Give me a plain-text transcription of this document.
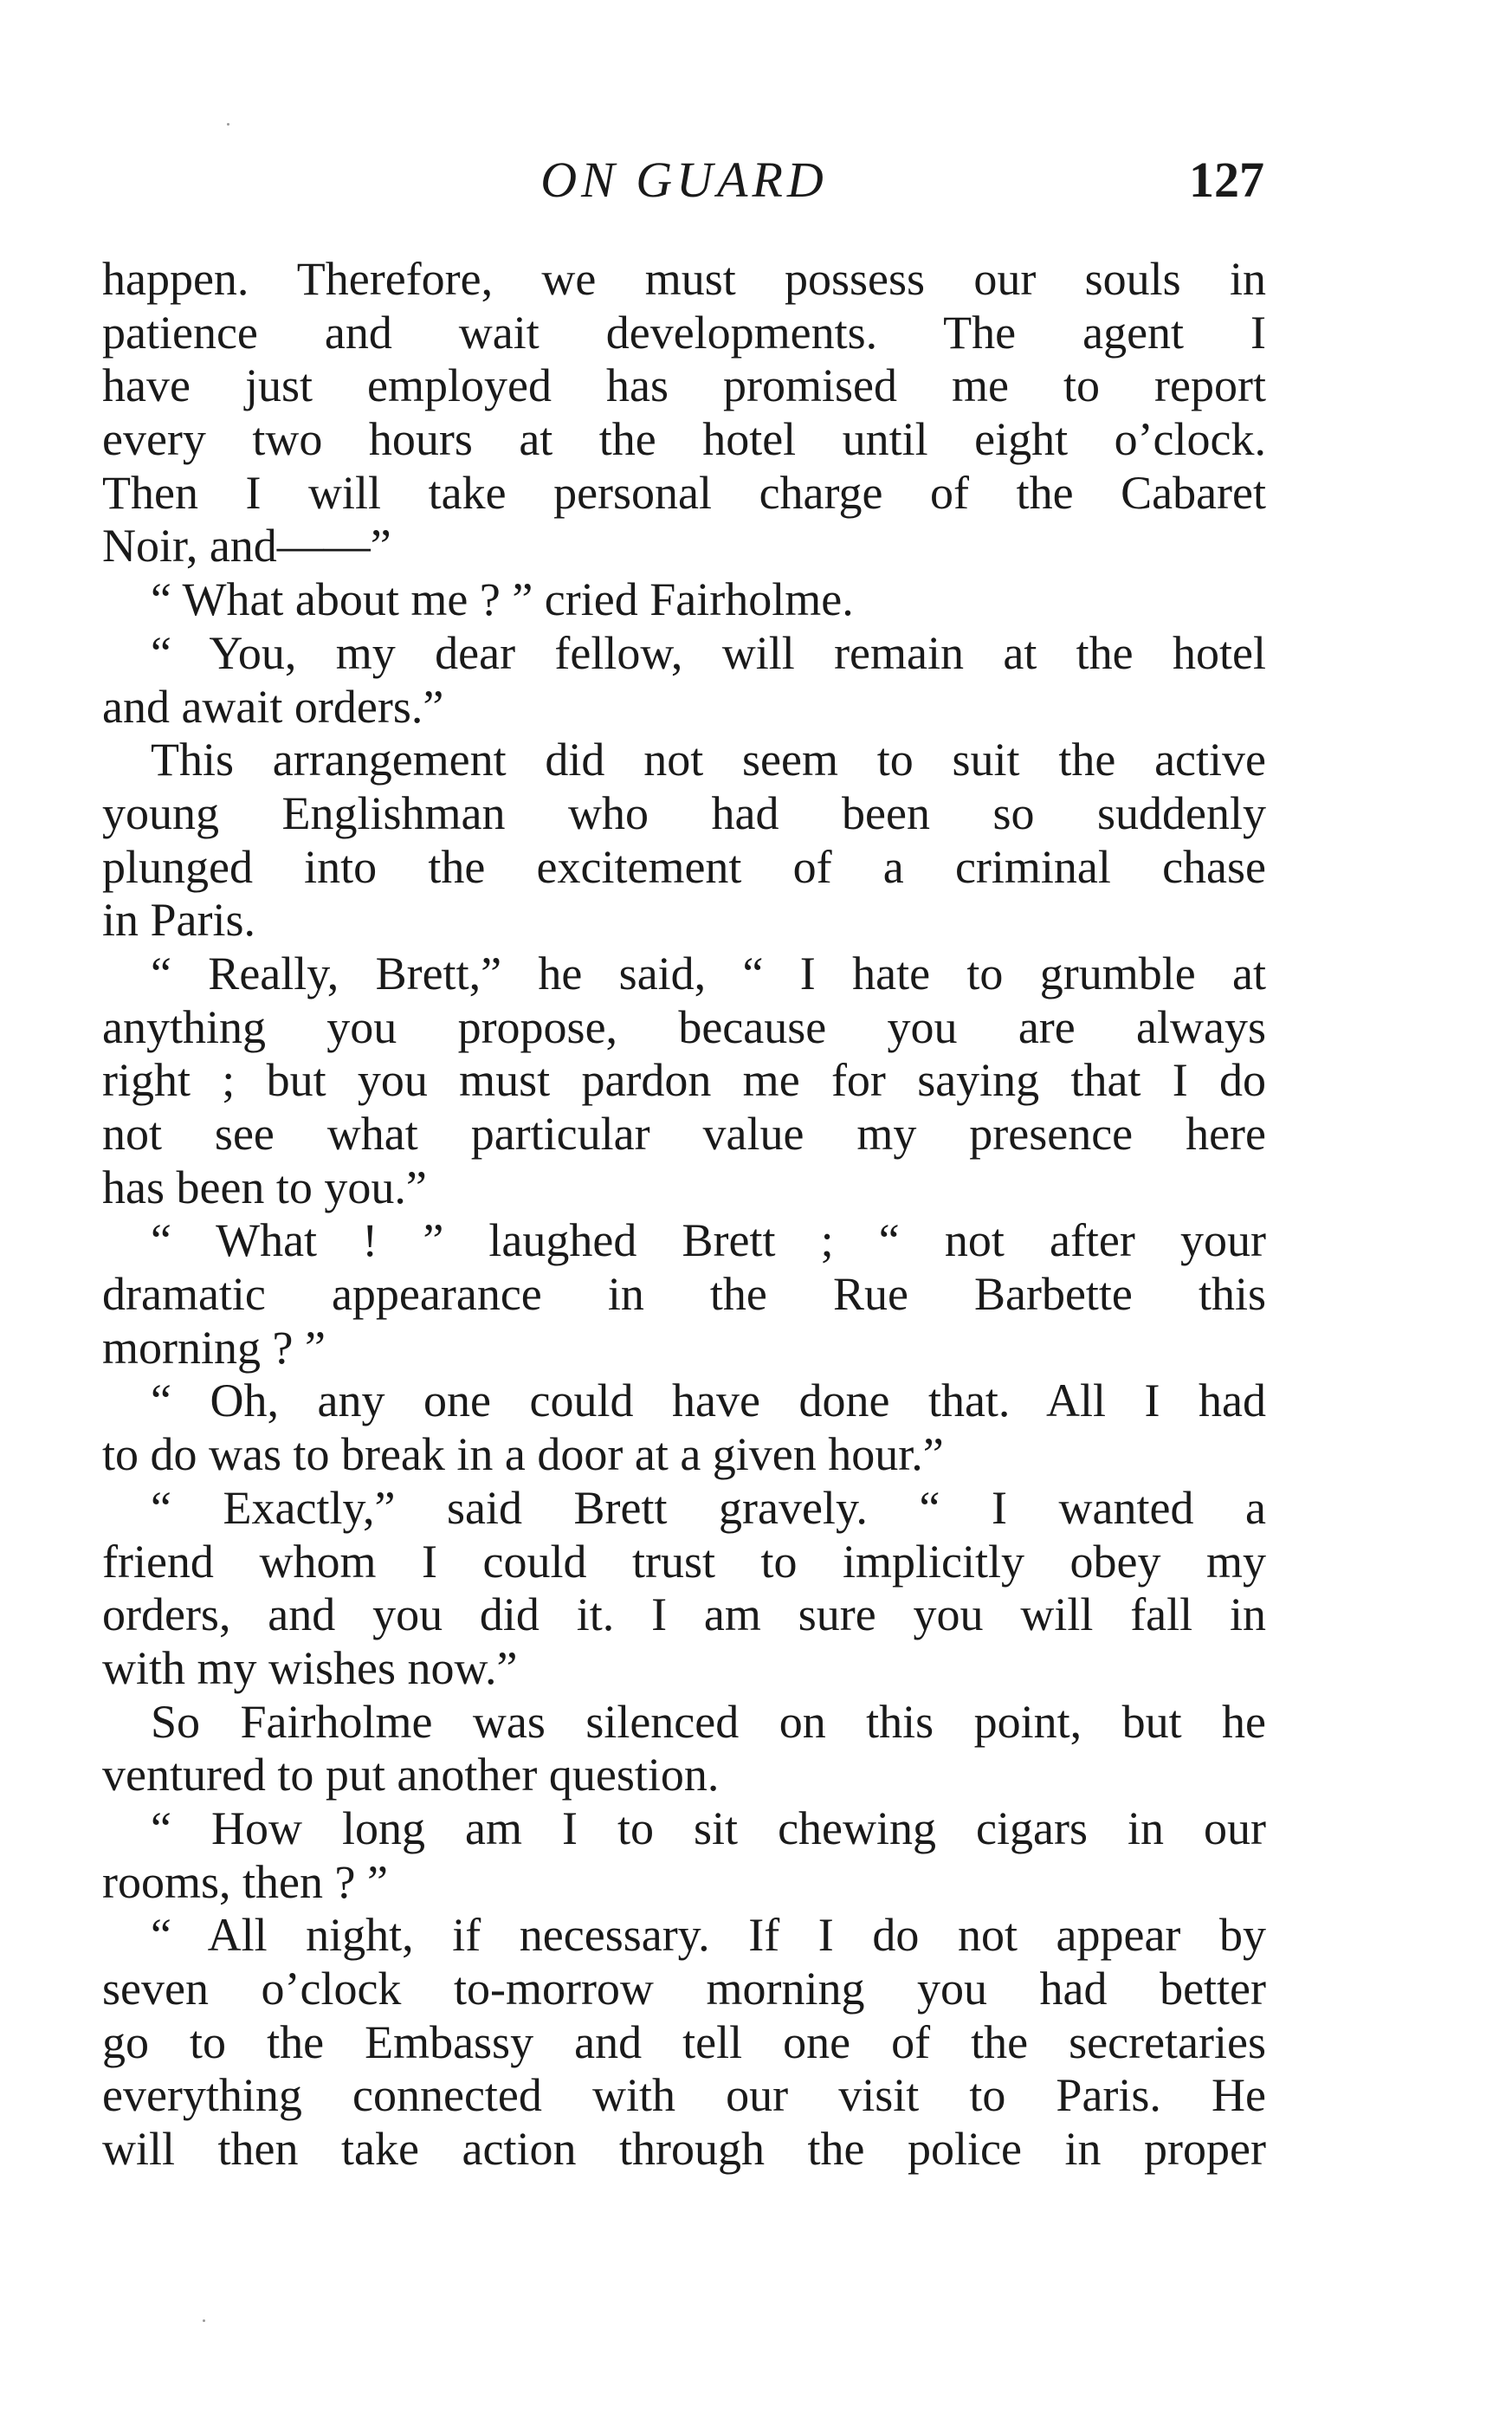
ON GUARD	127
happen. Therefore, we must possess our souls in
patience and wait developments. The agent I
have just employed has promised me to report
every two hours at the hotel until eight o’clock.
Then I will take personal charge of the Cabaret
Noir, and——”
“ What about me ? ” cried Fairholme.
“ You, my dear fellow, will remain at the hotel
and await orders.”
This arrangement did not seem to suit the active
young Englishman who had been so suddenly
plunged into the excitement of a criminal chase
in Paris.
“ Really, Brett,” he said, “ I hate to grumble at
anything you propose, because you are always
right ; but you must pardon me for saying that I do
not see what particular value my presence here
has been to you.”
“ What ! ” laughed Brett ; “ not after your
dramatic appearance in the Rue Barbette this
morning ? ”
“ Oh, any one could have done that. All I had
to do was to break in a door at a given hour.”
“ Exactly,” said Brett gravely. “ I wanted a
friend whom I could trust to implicitly obey my
orders, and you did it. I am sure you will fall in
with my wishes now.”
So Fairholme was silenced on this point, but he
ventured to put another question.
“ How long am I to sit chewing cigars in our
rooms, then ? ”
“ All night, if necessary. If I do not appear by
seven o’clock to-morrow morning you had better
go to the Embassy and tell one of the secretaries
everything connected with our visit to Paris. He
will then take action through the police in proper
